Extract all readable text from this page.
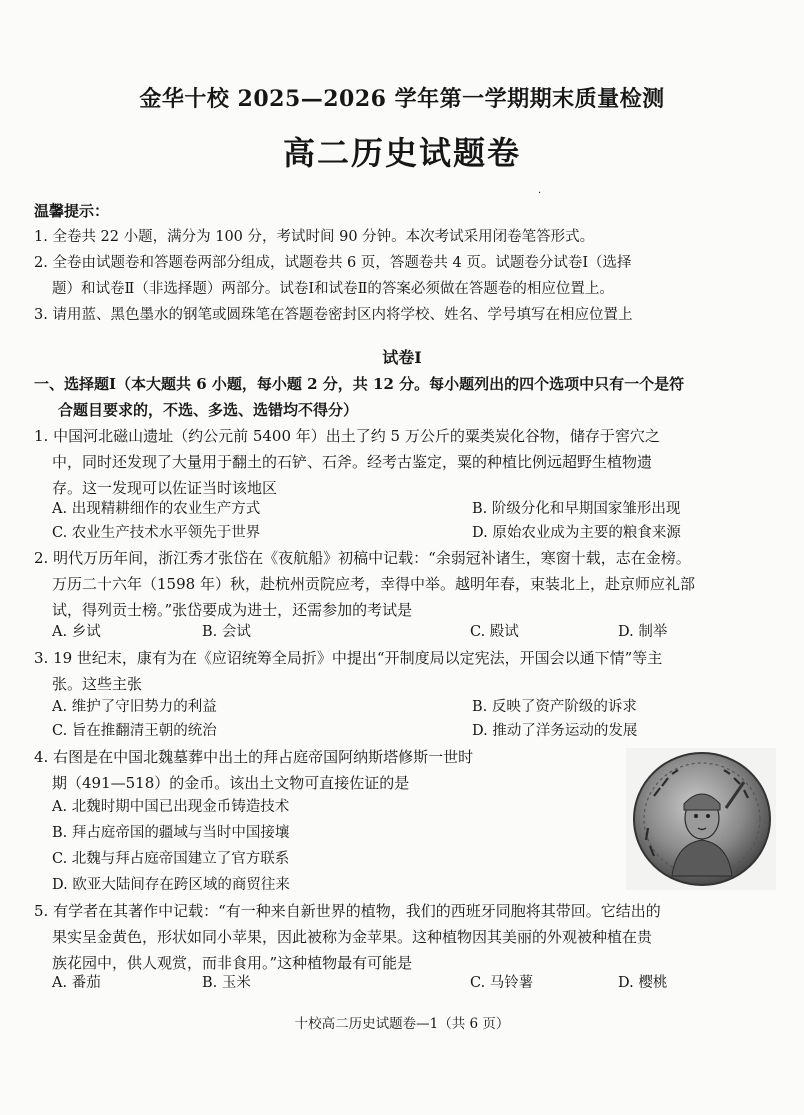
金华十校 2025—2026 学年第一学期期末质量检测
高二历史试题卷
·
温馨提示：
1. 全卷共 22 小题，满分为 100 分，考试时间 90 分钟。本次考试采用闭卷笔答形式。
2. 全卷由试题卷和答题卷两部分组成，试题卷共 6 页，答题卷共 4 页。试题卷分试卷Ⅰ（选择
题）和试卷Ⅱ（非选择题）两部分。试卷Ⅰ和试卷Ⅱ的答案必须做在答题卷的相应位置上。
3. 请用蓝、黑色墨水的钢笔或圆珠笔在答题卷密封区内将学校、姓名、学号填写在相应位置上
试卷Ⅰ
一、选择题Ⅰ（本大题共 6 小题，每小题 2 分，共 12 分。每小题列出的四个选项中只有一个是符
合题目要求的，不选、多选、选错均不得分）
1. 中国河北磁山遗址（约公元前 5400 年）出土了约 5 万公斤的粟类炭化谷物，储存于窖穴之
中，同时还发现了大量用于翻土的石铲、石斧。经考古鉴定，粟的种植比例远超野生植物遗
存。这一发现可以佐证当时该地区
A. 出现精耕细作的农业生产方式	B. 阶级分化和早期国家雏形出现
C. 农业生产技术水平领先于世界	D. 原始农业成为主要的粮食来源
2. 明代万历年间，浙江秀才张岱在《夜航船》初稿中记载：“余弱冠补诸生，寒窗十载，志在金榜。
万历二十六年（1598 年）秋，赴杭州贡院应考，幸得中举。越明年春，束装北上，赴京师应礼部
试，得列贡士榜。”张岱要成为进士，还需参加的考试是
A. 乡试	B. 会试	C. 殿试	D. 制举
3. 19 世纪末，康有为在《应诏统筹全局折》中提出“开制度局以定宪法，开国会以通下情”等主
张。这些主张
A. 维护了守旧势力的利益	B. 反映了资产阶级的诉求
C. 旨在推翻清王朝的统治	D. 推动了洋务运动的发展
4. 右图是在中国北魏墓葬中出土的拜占庭帝国阿纳斯塔修斯一世时
期（491—518）的金币。该出土文物可直接佐证的是
A. 北魏时期中国已出现金币铸造技术
B. 拜占庭帝国的疆域与当时中国接壤
C. 北魏与拜占庭帝国建立了官方联系
D. 欧亚大陆间存在跨区域的商贸往来
5. 有学者在其著作中记载：“有一种来自新世界的植物，我们的西班牙同胞将其带回。它结出的
果实呈金黄色，形状如同小苹果，因此被称为金苹果。这种植物因其美丽的外观被种植在贵
族花园中，供人观赏，而非食用。”这种植物最有可能是
A. 番茄	B. 玉米	C. 马铃薯	D. 樱桃
十校高二历史试题卷—1（共 6 页）
